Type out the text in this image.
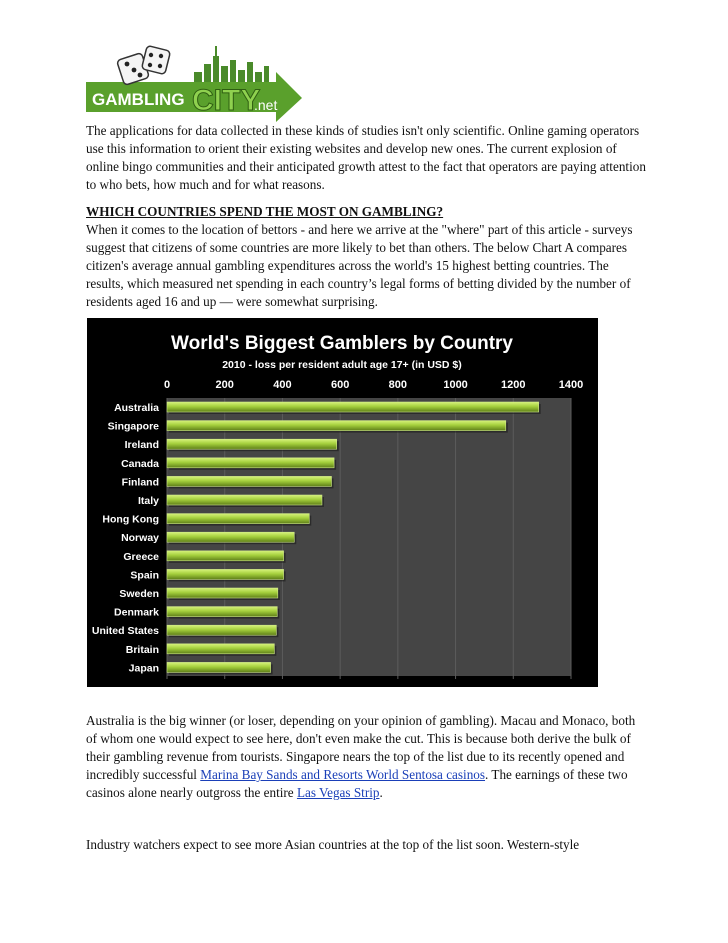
GAMBLING CITY
.net

The applications for data collected in these kinds of studies isn't only scientific. Online gaming operators use this information to orient their existing websites and develop new ones. The current explosion of online bingo communities and their anticipated growth attest to the fact that operators are paying attention to who bets, how much and for what reasons.

WHICH COUNTRIES SPEND THE MOST ON GAMBLING?
When it comes to the location of bettors - and here we arrive at the "where" part of this article - surveys suggest that citizens of some countries are more likely to bet than others. The below Chart A compares citizen's average annual gambling expenditures across the world's 15 highest betting countries. The results, which measured net spending in each country’s legal forms of betting divided by the number of residents aged 16 and up — were somewhat surprising.
World's Biggest Gamblers by Country
2010 - loss per resident adult age 17+ (in USD $)
0	200	400	600	800	1000	1200	1400
Australia
Singapore
Ireland
Canada
Finland
Italy
Hong Kong
Norway
Greece
Spain
Sweden
Denmark
United States
Britain
Japan

Australia is the big winner (or loser, depending on your opinion of gambling). Macau and Monaco, both of whom one would expect to see here, don't even make the cut. This is because both derive the bulk of their gambling revenue from tourists. Singapore nears the top of the list due to its recently opened and incredibly successful Marina Bay Sands and Resorts World Sentosa casinos. The earnings of these two casinos alone nearly outgross the entire Las Vegas Strip.

Industry watchers expect to see more Asian countries at the top of the list soon. Western-style
